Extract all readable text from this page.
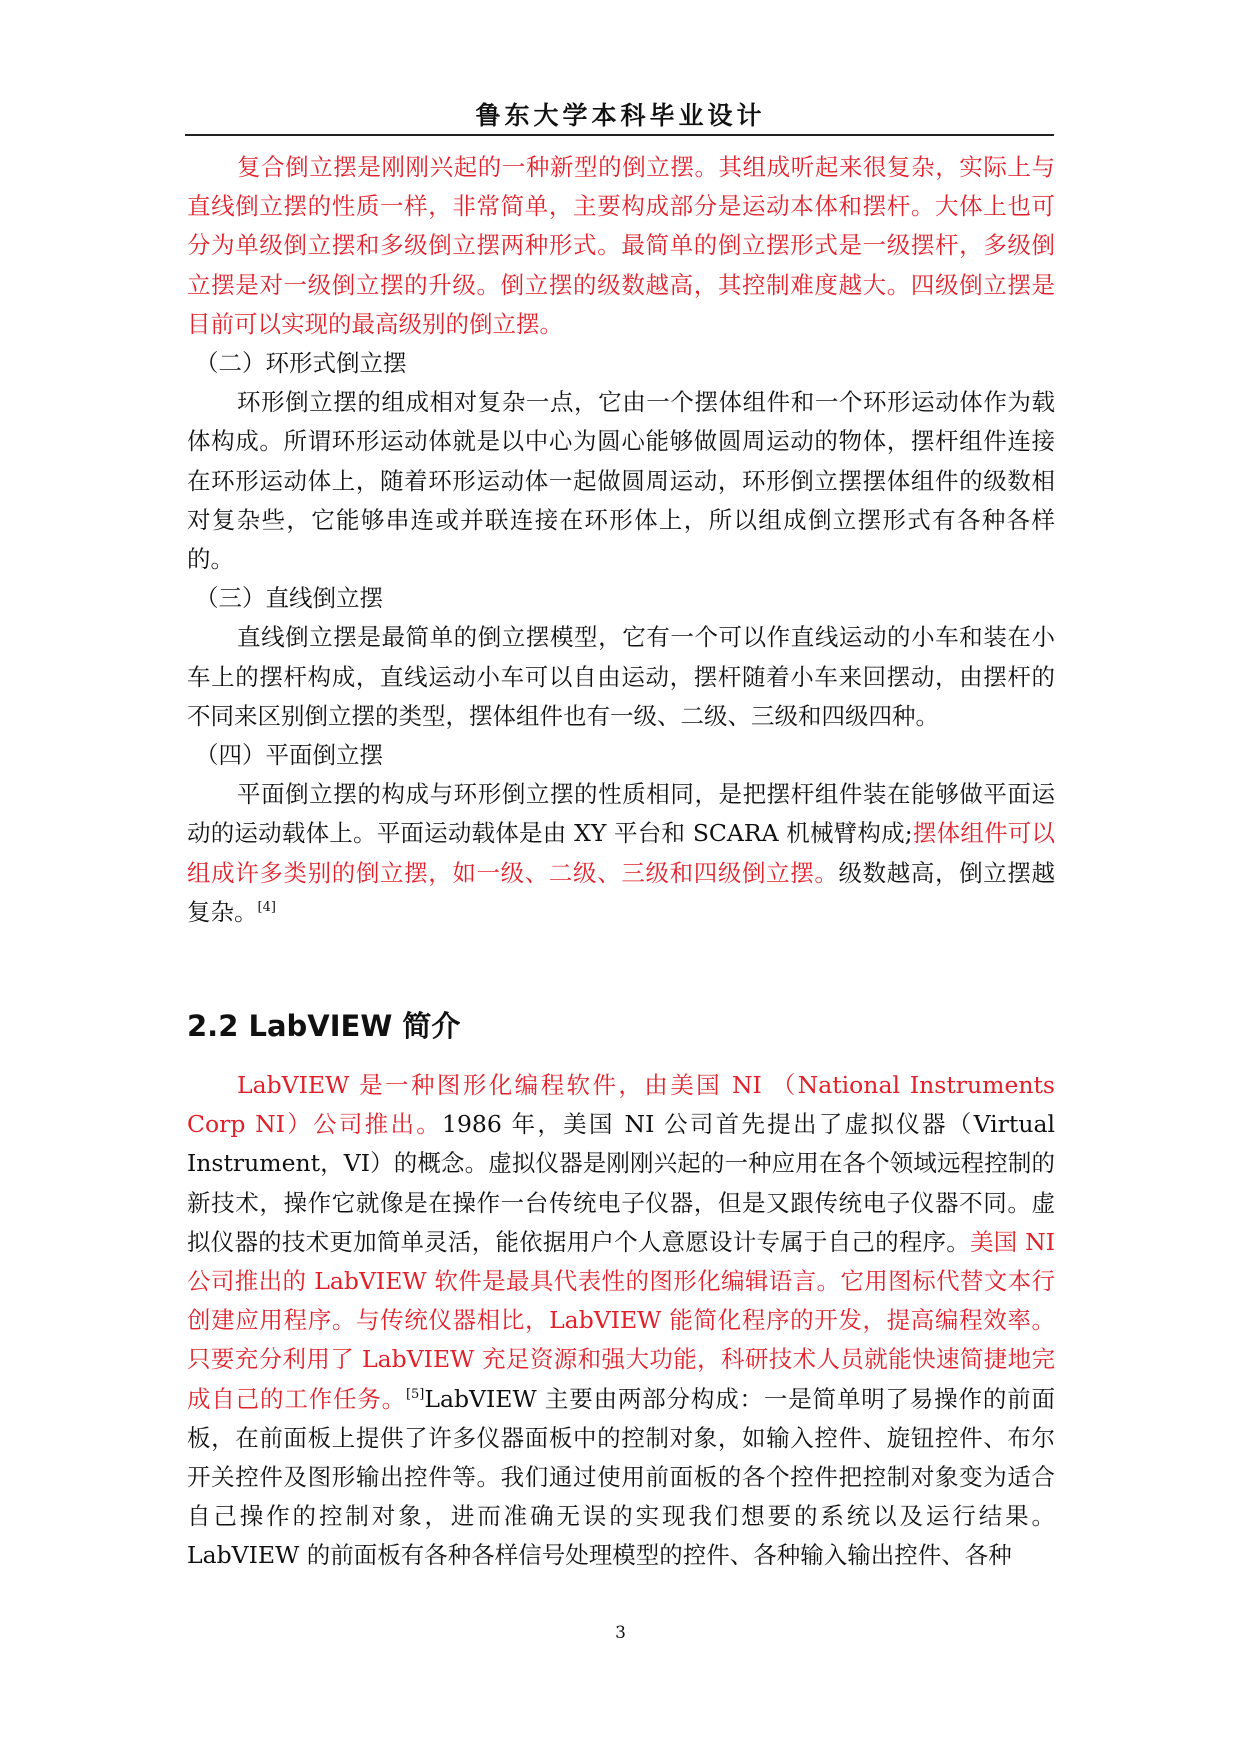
鲁东大学本科毕业设计

复合倒立摆是刚刚兴起的一种新型的倒立摆。其组成听起来很复杂，实际上与直线倒立摆的性质一样，非常简单，主要构成部分是运动本体和摆杆。大体上也可分为单级倒立摆和多级倒立摆两种形式。最简单的倒立摆形式是一级摆杆，多级倒立摆是对一级倒立摆的升级。倒立摆的级数越高，其控制难度越大。四级倒立摆是目前可以实现的最高级别的倒立摆。

（二）环形式倒立摆

环形倒立摆的组成相对复杂一点，它由一个摆体组件和一个环形运动体作为载体构成。所谓环形运动体就是以中心为圆心能够做圆周运动的物体，摆杆组件连接在环形运动体上，随着环形运动体一起做圆周运动，环形倒立摆摆体组件的级数相对复杂些，它能够串连或并联连接在环形体上，所以组成倒立摆形式有各种各样的。

（三）直线倒立摆

直线倒立摆是最简单的倒立摆模型，它有一个可以作直线运动的小车和装在小车上的摆杆构成，直线运动小车可以自由运动，摆杆随着小车来回摆动，由摆杆的不同来区别倒立摆的类型，摆体组件也有一级、二级、三级和四级四种。

（四）平面倒立摆

平面倒立摆的构成与环形倒立摆的性质相同，是把摆杆组件装在能够做平面运动的运动载体上。平面运动载体是由 XY 平台和 SCARA 机械臂构成;摆体组件可以组成许多类别的倒立摆，如一级、二级、三级和四级倒立摆。级数越高，倒立摆越复杂。[4]

2.2 LabVIEW 简介

LabVIEW 是一种图形化编程软件，由美国 NI （National Instruments Corp NI）公司推出。1986 年，美国 NI 公司首先提出了虚拟仪器（Virtual Instrument，VI）的概念。虚拟仪器是刚刚兴起的一种应用在各个领域远程控制的新技术，操作它就像是在操作一台传统电子仪器，但是又跟传统电子仪器不同。虚拟仪器的技术更加简单灵活，能依据用户个人意愿设计专属于自己的程序。美国 NI 公司推出的 LabVIEW 软件是最具代表性的图形化编辑语言。它用图标代替文本行创建应用程序。与传统仪器相比，LabVIEW 能简化程序的开发，提高编程效率。只要充分利用了 LabVIEW 充足资源和强大功能，科研技术人员就能快速简捷地完成自己的工作任务。[5]LabVIEW 主要由两部分构成：一是简单明了易操作的前面板，在前面板上提供了许多仪器面板中的控制对象，如输入控件、旋钮控件、布尔开关控件及图形输出控件等。我们通过使用前面板的各个控件把控制对象变为适合自己操作的控制对象，进而准确无误的实现我们想要的系统以及运行结果。LabVIEW 的前面板有各种各样信号处理模型的控件、各种输入输出控件、各种

3
